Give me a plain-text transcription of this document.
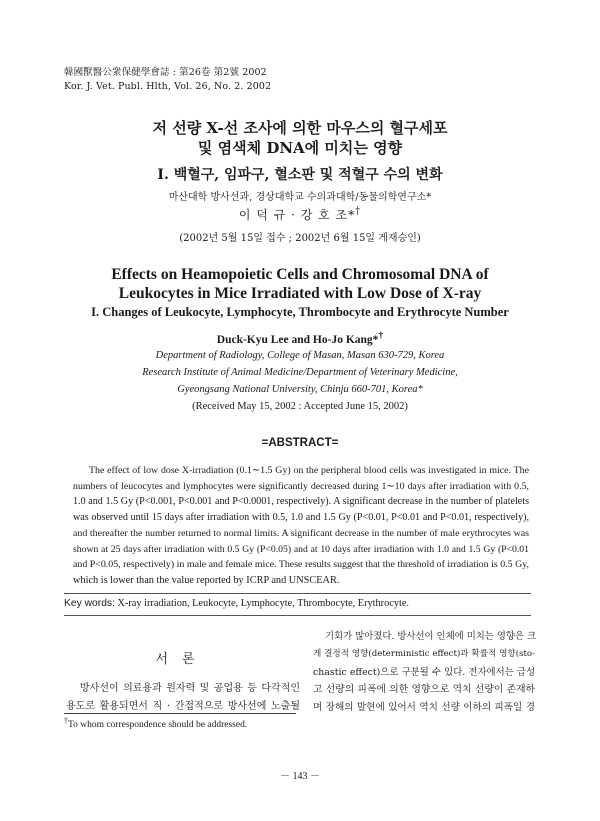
韓國獸醫公衆保健學會誌 : 第26卷 第2號 2002
Kor. J. Vet. Publ. Hlth, Vol. 26, No. 2. 2002
저 선량 X-선 조사에 의한 마우스의 혈구세포
및 염색체 DNA에 미치는 영향
I. 백혈구, 임파구, 혈소판 및 적혈구 수의 변화
마산대학 방사선과, 경상대학교 수의과대학/동물의학연구소*
이 덕 규 · 강 호 조*†
(2002년 5월 15일 접수 ; 2002년 6월 15일 게재승인)
Effects on Heamopoietic Cells and Chromosomal DNA of
Leukocytes in Mice Irradiated with Low Dose of X-ray
I. Changes of Leukocyte, Lymphocyte, Thrombocyte and Erythrocyte Number
Duck-Kyu Lee and Ho-Jo Kang*†
Department of Radiology, College of Masan, Masan 630-729, Korea
Research Institute of Animal Medicine/Department of Veterinary Medicine,
Gyeongsang National University, Chinju 660-701, Korea*
(Received May 15, 2002 : Accepted June 15, 2002)
=ABSTRACT=
The effect of low dose X-irradiation (0.1∼1.5 Gy) on the peripheral blood cells was investigated in mice. The
numbers of leucocytes and lymphocytes were significantly decreased during 1∼10 days after irradiation with 0.5,
1.0 and 1.5 Gy (P<0.001, P<0.001 and P<0.0001, respectively). A significant decrease in the number of platelets
was observed until 15 days after irradiation with 0.5, 1.0 and 1.5 Gy (P<0.01, P<0.01 and P<0.01, respectively),
and thereafter the number returned to normal limits. A significant decrease in the number of male erythrocytes was
shown at 25 days after irradiation with 0.5 Gy (P<0.05) and at 10 days after irradiation with 1.0 and 1.5 Gy (P<0.01
and P<0.05, respectively) in male and female mice. These results suggest that the threshold of irradiation is 0.5 Gy,
which is lower than the value reported by ICRP and UNSCEAR.
Key words: X-ray irradiation, Leukocyte, Lymphocyte, Thrombocyte, Erythrocyte.
서론
방사선이 의료용과 원자력 및 공업용 등 다각적인
용도로 활용되면서 직 · 간접적으로 방사선에 노출될
†To whom correspondence should be addressed.
기회가 많아졌다. 방사선이 인체에 미치는 영향은 크
게 결정적 영향(deterministic effect)과 확률적 영향(sto-
chastic effect)으로 구분될 수 있다. 전자에서는 급성
고 선량의 피폭에 의한 영향으로 역치 선량이 존재하
며 장해의 발현에 있어서 역치 선량 이하의 피폭일 경
－ 143 －
